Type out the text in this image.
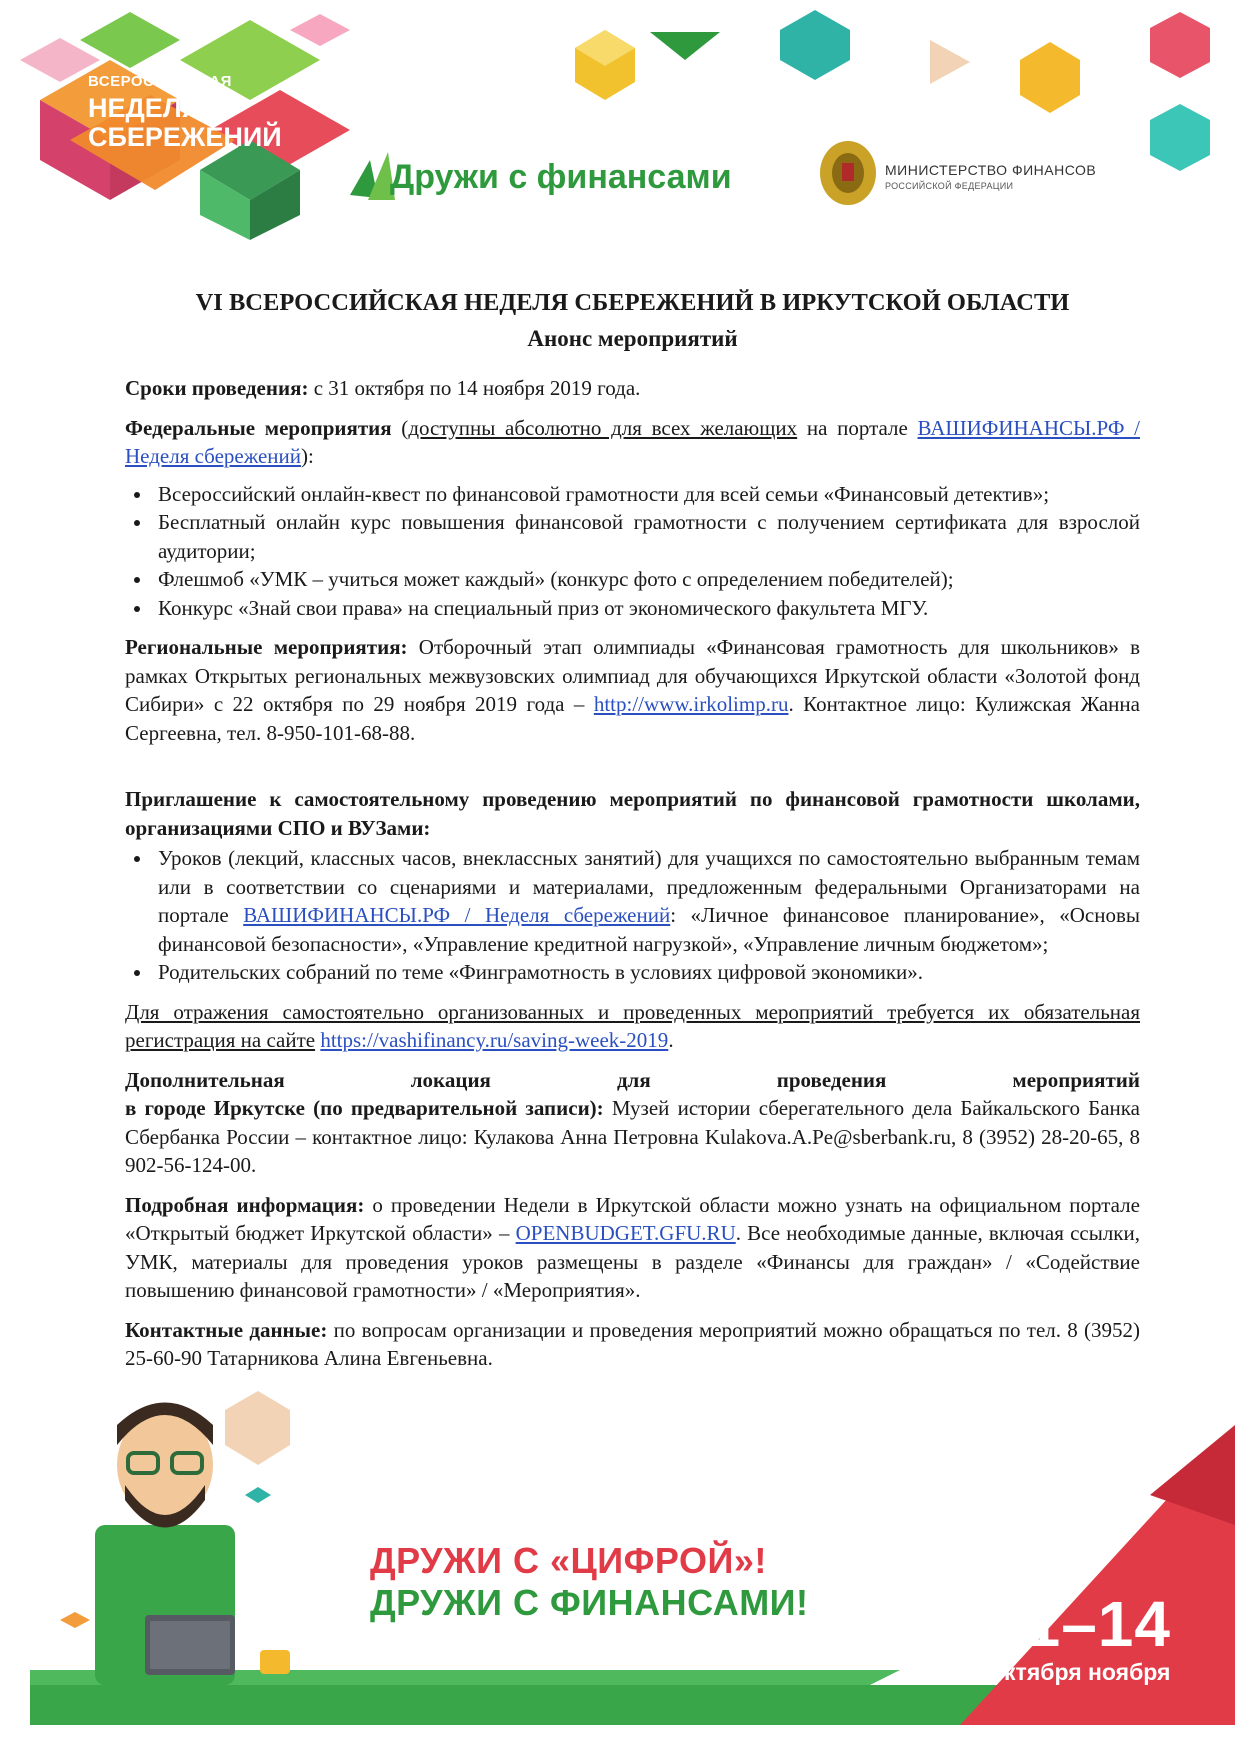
ВСЕРОССИЙСКАЯ
НЕДЕЛЯ
СБЕРЕЖЕНИЙ
Дружи с финансами	МИНИСТЕРСТВО ФИНАНСОВ
РОССИЙСКОЙ ФЕДЕРАЦИИ
VI ВСЕРОССИЙСКАЯ НЕДЕЛЯ СБЕРЕЖЕНИЙ В ИРКУТСКОЙ ОБЛАСТИ
Анонс мероприятий

Сроки проведения: с 31 октября по 14 ноября 2019 года.

Федеральные мероприятия (доступны абсолютно для всех желающих на портале ВАШИФИНАНСЫ.РФ / Неделя сбережений):

• Всероссийский онлайн-квест по финансовой грамотности для всей семьи «Финансовый детектив»;
• Бесплатный онлайн курс повышения финансовой грамотности с получением сертификата для взрослой аудитории;
• Флешмоб «УМК – учиться может каждый» (конкурс фото с определением победителей);
• Конкурс «Знай свои права» на специальный приз от экономического факультета МГУ.

Региональные мероприятия: Отборочный этап олимпиады «Финансовая грамотность для школьников» в рамках Открытых региональных межвузовских олимпиад для обучающихся Иркутской области «Золотой фонд Сибири» с 22 октября по 29 ноября 2019 года – http://www.irkolimp.ru. Контактное лицо: Кулижская Жанна Сергеевна, тел. 8-950-101-68-88.

Приглашение к самостоятельному проведению мероприятий по финансовой грамотности школами, организациями СПО и ВУЗами:

• Уроков (лекций, классных часов, внеклассных занятий) для учащихся по самостоятельно выбранным темам или в соответствии со сценариями и материалами, предложенным федеральными Организаторами на портале ВАШИФИНАНСЫ.РФ / Неделя сбережений: «Личное финансовое планирование», «Основы финансовой безопасности», «Управление кредитной нагрузкой», «Управление личным бюджетом»;
• Родительских собраний по теме «Финграмотность в условиях цифровой экономики».

Для отражения самостоятельно организованных и проведенных мероприятий требуется их обязательная регистрация на сайте https://vashifinancy.ru/saving-week-2019.

Дополнительная локация для проведения мероприятий

в городе Иркутске (по предварительной записи): Музей истории сберегательного дела Байкальского Банка Сбербанка России – контактное лицо: Кулакова Анна Петровна Kulakova.A.Pe@sberbank.ru, 8 (3952) 28-20-65, 8 902-56-124-00.

Подробная информация: о проведении Недели в Иркутской области можно узнать на официальном портале «Открытый бюджет Иркутской области» – OPENBUDGET.GFU.RU. Все необходимые данные, включая ссылки, УМК, материалы для проведения уроков размещены в разделе «Финансы для граждан» / «Содействие повышению финансовой грамотности» / «Мероприятия».

Контактные данные: по вопросам организации и проведения мероприятий можно обращаться по тел. 8 (3952) 25-60-90 Татарникова Алина Евгеньевна.

ДРУЖИ С «ЦИФРОЙ»!
ДРУЖИ С ФИНАНСАМИ!	31–14
октября ноября
